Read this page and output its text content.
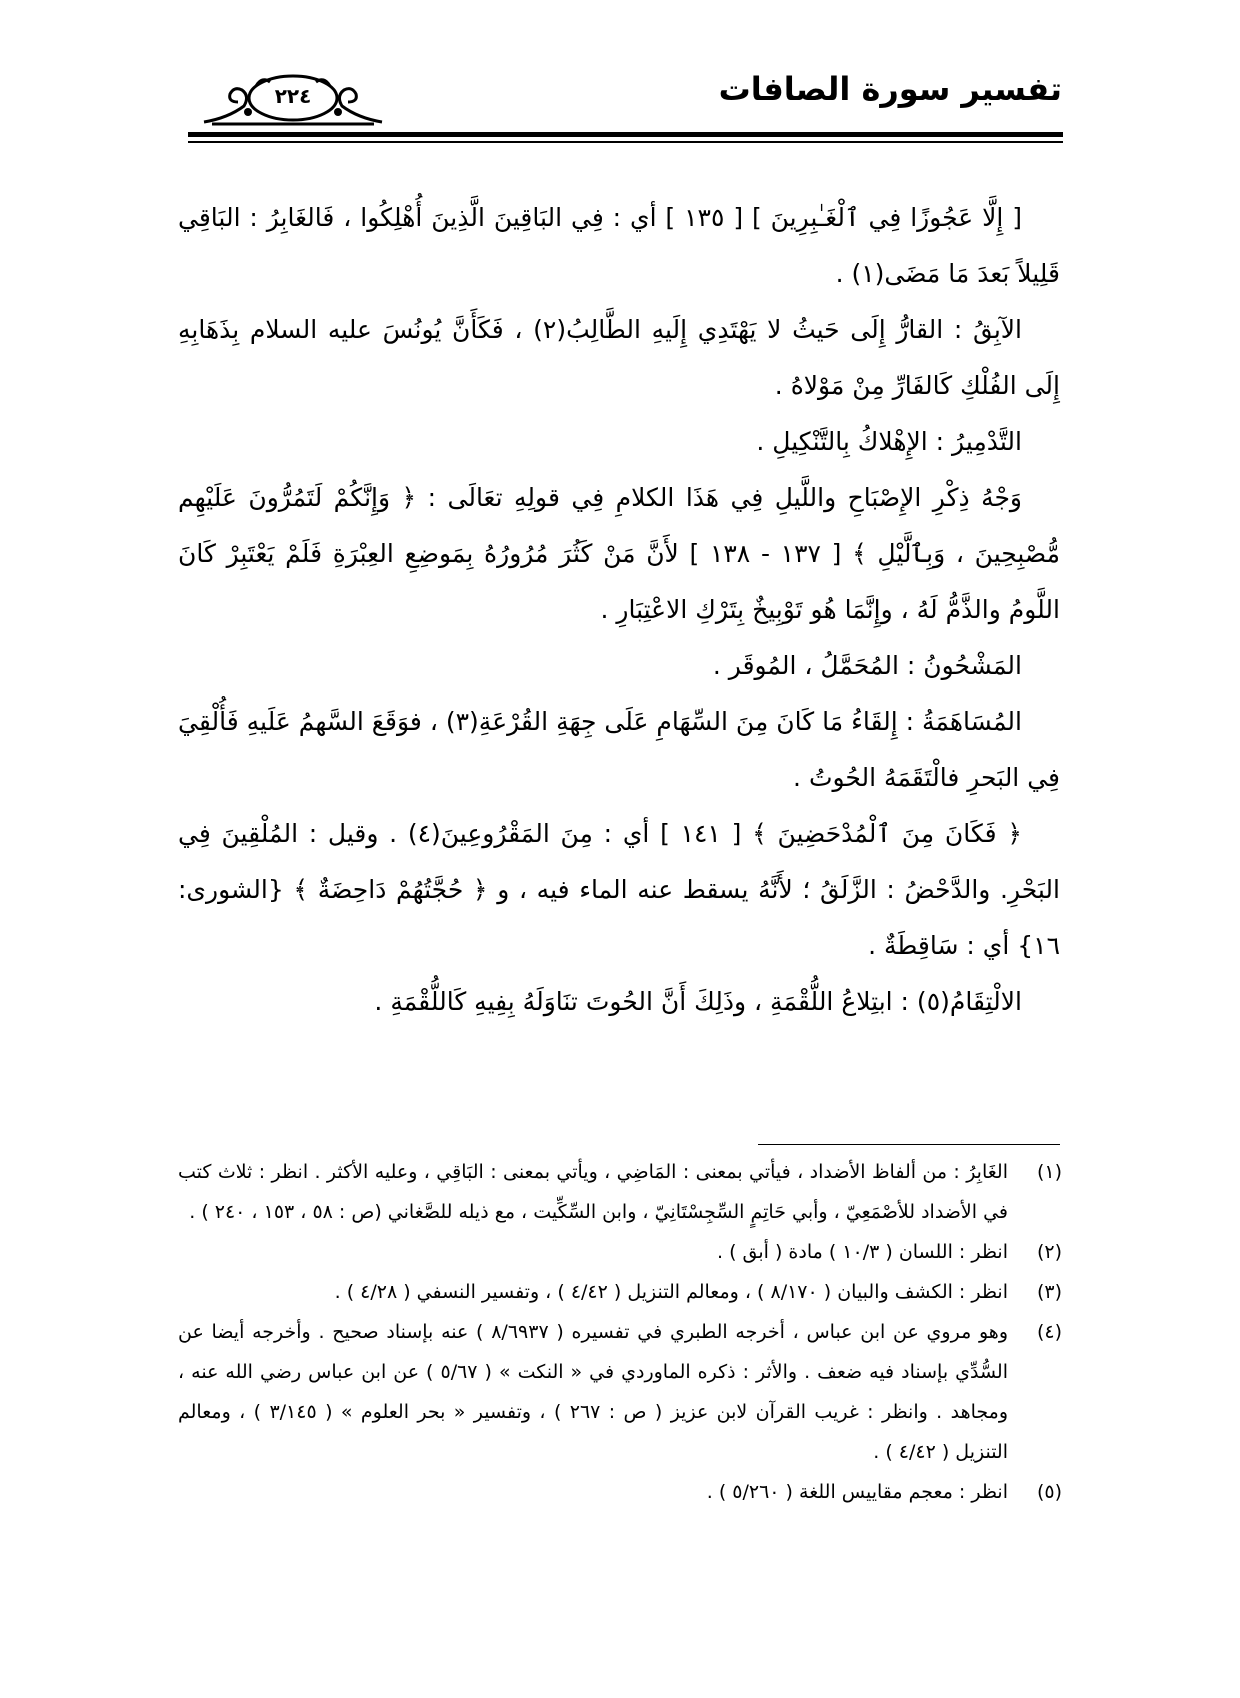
تفسير سورة الصافات
٢٢٤

[ إِلَّا عَجُوزًا فِي ٱلْغَـٰبِرِينَ ] [ ١٣٥ ] أي : فِي البَاقِينَ الَّذِينَ أُهْلِكُوا ، فَالغَابِرُ : البَاقِي قَلِيلاً بَعدَ مَا مَضَى(١) .

الآبِقُ : القارُّ إِلَى حَيثُ لا يَهْتَدِي إِلَيهِ الطَّالِبُ(٢) ، فَكَأَنَّ يُونُسَ عليه السلام بِذَهَابِهِ إِلَى الفُلْكِ كَالفَارِّ مِنْ مَوْلاهُ .

التَّدْمِيرُ : الإِهْلاكُ بِالتَّنْكِيلِ .

وَجْهُ ذِكْرِ الإِصْبَاحِ واللَّيلِ فِي هَذَا الكلامِ فِي قولِهِ تعَالَى : ﴿ وَإِنَّكُمْ لَتَمُرُّونَ عَلَيْهِم مُّصْبِحِينَ ، وَبِٱلَّيْلِ ﴾ [ ١٣٧ - ١٣٨ ] لأَنَّ مَنْ كَثُرَ مُرُورُهُ بِمَوضِعِ العِبْرَةِ فَلَمْ يَعْتَبِرْ كَانَ اللَّومُ والذَّمُّ لَهُ ، وإِنَّمَا هُو تَوْبِيخٌ بِتَرْكِ الاعْتِبَارِ .

المَشْحُونُ : المُحَمَّلُ ، المُوقَر .

المُسَاهَمَةُ : إِلقَاءُ مَا كَانَ مِنَ السِّهَامِ عَلَى جِهَةِ القُرْعَةِ(٣) ، فوَقَعَ السَّهمُ عَلَيهِ فَأُلْقِيَ فِي البَحرِ فالْتَقَمَهُ الحُوتُ .

﴿ فَكَانَ مِنَ ٱلْمُدْحَضِينَ ﴾ [ ١٤١ ] أي : مِنَ المَقْرُوعِينَ(٤) . وقيل : المُلْقِينَ فِي البَحْرِ. والدَّحْضُ : الزَّلَقُ ؛ لأَنَّهُ يسقط عنه الماء فيه ، و ﴿ حُجَّتُهُمْ دَاحِضَةٌ ﴾ {الشورى: ١٦} أي : سَاقِطَةٌ .

الالْتِقَامُ(٥) : ابتِلاعُ اللُّقْمَةِ ، وذَلِكَ أَنَّ الحُوتَ تنَاوَلَهُ بِفِيهِ كَاللُّقْمَةِ .

(١)
الغَابِرُ : من ألفاظ الأضداد ، فيأتي بمعنى : المَاضِي ، ويأتي بمعنى : البَاقِي ، وعليه الأكثر . انظر : ثلاث كتب في الأضداد للأصْمَعِيّ ، وأبي حَاتِمٍ السِّجِسْتَانِيّ ، وابن السِّكِّيت ، مع ذيله للصَّغاني (ص : ٥٨ ، ١٥٣ ، ٢٤٠ ) .
(٢)
انظر : اللسان ( ١٠/٣ ) مادة ( أبق ) .
(٣)
انظر : الكشف والبيان ( ٨/١٧٠ ) ، ومعالم التنزيل ( ٤/٤٢ ) ، وتفسير النسفي ( ٤/٢٨ ) .
(٤)
وهو مروي عن ابن عباس ، أخرجه الطبري في تفسيره ( ٨/٦٩٣٧ ) عنه بإسناد صحيح . وأخرجه أيضا عن السُّدِّي بإسناد فيه ضعف . والأثر : ذكره الماوردي في « النكت » ( ٥/٦٧ ) عن ابن عباس رضي الله عنه ، ومجاهد . وانظر : غريب القرآن لابن عزيز ( ص : ٢٦٧ ) ، وتفسير « بحر العلوم » ( ٣/١٤٥ ) ، ومعالم التنزيل ( ٤/٤٢ ) .
(٥)
انظر : معجم مقاييس اللغة ( ٥/٢٦٠ ) .
